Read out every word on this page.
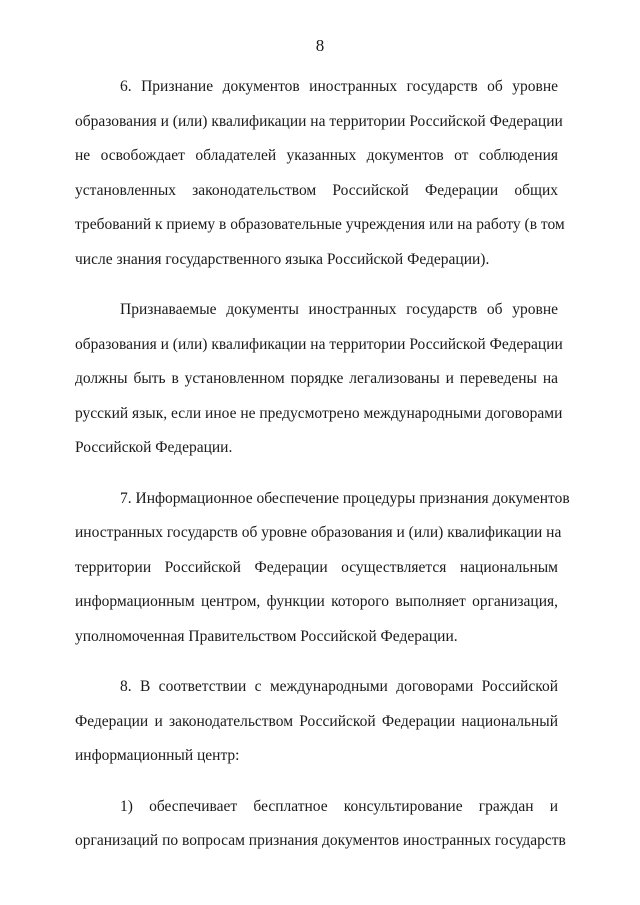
8
6. Признание документов иностранных государств об уровне
образования и (или) квалификации на территории Российской Федерации
не освобождает обладателей указанных документов от соблюдения
установленных законодательством Российской Федерации общих
требований к приему в образовательные учреждения или на работу (в том
числе знания государственного языка Российской Федерации).
Признаваемые документы иностранных государств об уровне
образования и (или) квалификации на территории Российской Федерации
должны быть в установленном порядке легализованы и переведены на
русский язык, если иное не предусмотрено международными договорами
Российской Федерации.
7. Информационное обеспечение процедуры признания документов
иностранных государств об уровне образования и (или) квалификации на
территории Российской Федерации осуществляется национальным
информационным центром, функции которого выполняет организация,
уполномоченная Правительством Российской Федерации.
8. В соответствии с международными договорами Российской
Федерации и законодательством Российской Федерации национальный
информационный центр:
1) обеспечивает бесплатное консультирование граждан и
организаций по вопросам признания документов иностранных государств
